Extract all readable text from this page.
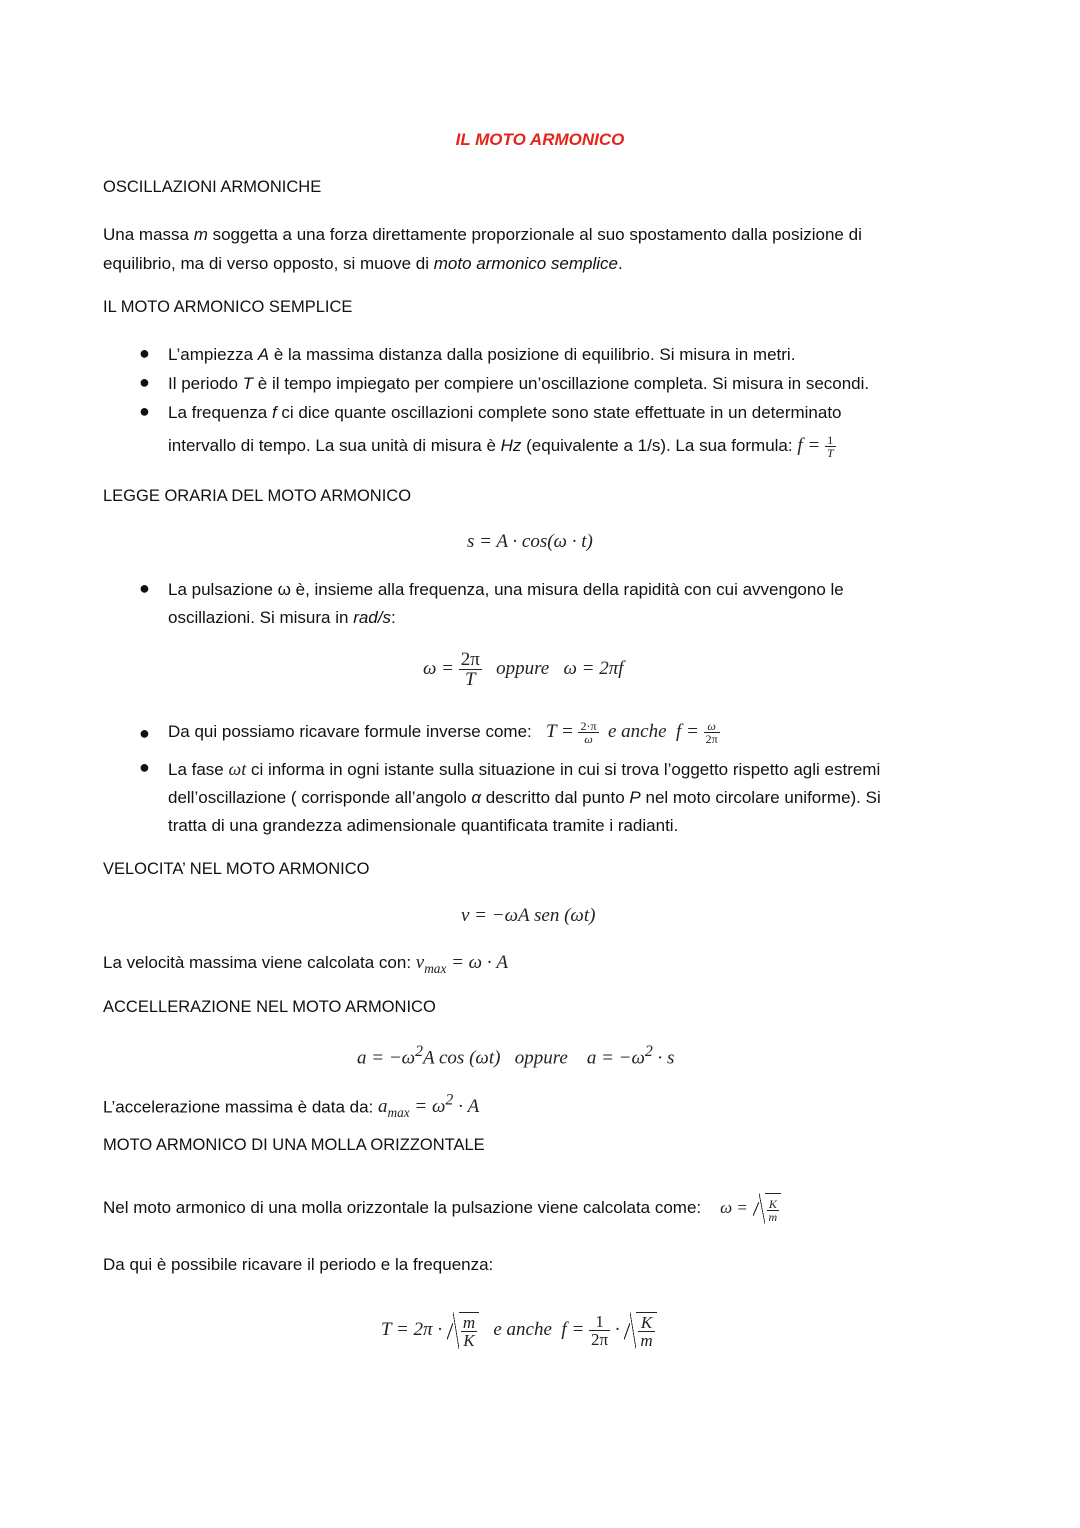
IL MOTO ARMONICO
OSCILLAZIONI ARMONICHE
Una massa m soggetta a una forza direttamente proporzionale al suo spostamento dalla posizione di
equilibrio, ma di verso opposto, si muove di moto armonico semplice.
IL MOTO ARMONICO SEMPLICE
● L’ampiezza A è la massima distanza dalla posizione di equilibrio. Si misura in metri.
● Il periodo T è il tempo impiegato per compiere un’oscillazione completa. Si misura in secondi.
● La frequenza f ci dice quante oscillazioni complete sono state effettuate in un determinato
intervallo di tempo. La sua unità di misura è Hz (equivalente a 1/s). La sua formula: $f = \frac{1}{T}$
LEGGE ORARIA DEL MOTO ARMONICO
s = A · cos(ω · t)
● La pulsazione ω è, insieme alla frequenza, una misura della rapidità con cui avvengono le
oscillazioni. Si misura in rad/s:
$\omega = \frac{2\pi}{T}$ oppure ω = 2πf
● Da qui possiamo ricavare formule inverse come: $T = \frac{2\cdot\pi}{\omega}$ e anche $f = \frac{\omega}{2\pi}$
● La fase ωt ci informa in ogni istante sulla situazione in cui si trova l’oggetto rispetto agli estremi
dell’oscillazione ( corrisponde all’angolo α descritto dal punto P nel moto circolare uniforme). Si
tratta di una grandezza adimensionale quantificata tramite i radianti.
VELOCITA’ NEL MOTO ARMONICO
v = −ωA sen (ωt)
La velocità massima viene calcolata con: $v_{max} = \omega \cdot A$
ACCELLERAZIONE NEL MOTO ARMONICO
$a = -\omega^2A$ cos (ωt) oppure $a = -\omega^2 \cdot s$
L’accelerazione massima è data da: $a_{max} = \omega^2 \cdot A$
MOTO ARMONICO DI UNA MOLLA ORIZZONTALE
Nel moto armonico di una molla orizzontale la pulsazione viene calcolata come: $\omega = \frac{K}{m}$
Da qui è possibile ricavare il periodo e la frequenza:
$T = 2\pi \cdot \frac{m}{K}$ e anche $f = \frac{1}{2\pi} \cdot \frac{K}{m}$
